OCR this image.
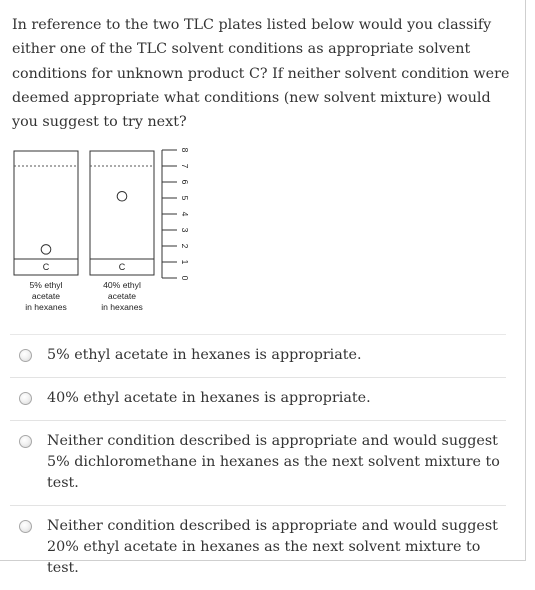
In reference to the two TLC plates listed below would you classify either one of the TLC solvent conditions as appropriate solvent conditions for unknown product C? If neither solvent condition were deemed appropriate what conditions (new solvent mixture) would you suggest to try next?
C
5% ethyl
acetate
in hexanes
C
40% ethyl
acetate
in hexanes
0
1
2
3
4
5
6
7
8
5% ethyl acetate in hexanes is appropriate.
40% ethyl acetate in hexanes is appropriate.
Neither condition described is appropriate and would suggest 5% dichloromethane in hexanes as the next solvent mixture to test.
Neither condition described is appropriate and would suggest 20% ethyl acetate in hexanes as the next solvent mixture to test.
